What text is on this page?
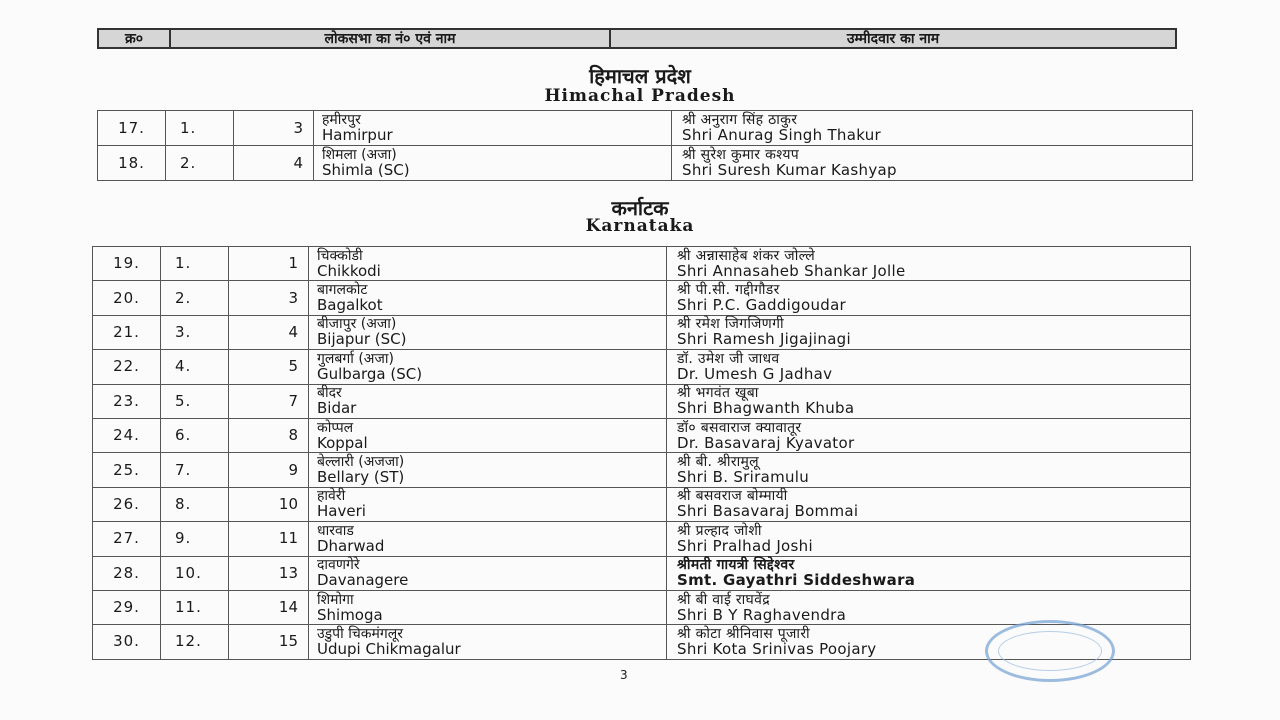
क्र०	लोकसभा का नं० एवं नाम	उम्मीदवार का नाम
हिमाचल प्रदेश
Himachal Pradesh
17.	1.	3	हमीरपुर
Hamirpur	श्री अनुराग सिंह ठाकुर
Shri Anurag Singh Thakur

18.	2.	4	शिमला (अजा)
Shimla (SC)	श्री सुरेश कुमार कश्यप
Shri Suresh Kumar Kashyap
कर्नाटक
Karnataka
19.	1.	1	चिक्कोडी
Chikkodi	श्री अन्नासाहेब शंकर जोल्ले
Shri Annasaheb Shankar Jolle

20.	2.	3	बागलकोट
Bagalkot	श्री पी.सी. गद्दीगौडर
Shri P.C. Gaddigoudar

21.	3.	4	बीजापुर (अजा)
Bijapur (SC)	श्री रमेश जिगजिणगी
Shri Ramesh Jigajinagi

22.	4.	5	गुलबर्गा (अजा)
Gulbarga (SC)	डॉ. उमेश जी जाधव
Dr. Umesh G Jadhav

23.	5.	7	बीदर
Bidar	श्री भगवंत खूबा
Shri Bhagwanth Khuba

24.	6.	8	कोप्पल
Koppal	डॉ० बसवाराज क्यावातूर
Dr. Basavaraj Kyavator

25.	7.	9	बेल्लारी (अजजा)
Bellary (ST)	श्री बी. श्रीरामुलू
Shri B. Sriramulu

26.	8.	10	हावेरी
Haveri	श्री बसवराज बोम्मायी
Shri Basavaraj Bommai

27.	9.	11	धारवाड
Dharwad	श्री प्रल्हाद जोशी
Shri Pralhad Joshi

28.	10.	13	दावणगेरे
Davanagere	श्रीमती गायत्री सिद्देश्वर
Smt. Gayathri Siddeshwara

29.	11.	14	शिमोगा
Shimoga	श्री बी वाई राघवेंद्र
Shri B Y Raghavendra

30.	12.	15	उडुपी चिकमंगलूर
Udupi Chikmagalur	श्री कोटा श्रीनिवास पूजारी
Shri Kota Srinivas Poojary
3
